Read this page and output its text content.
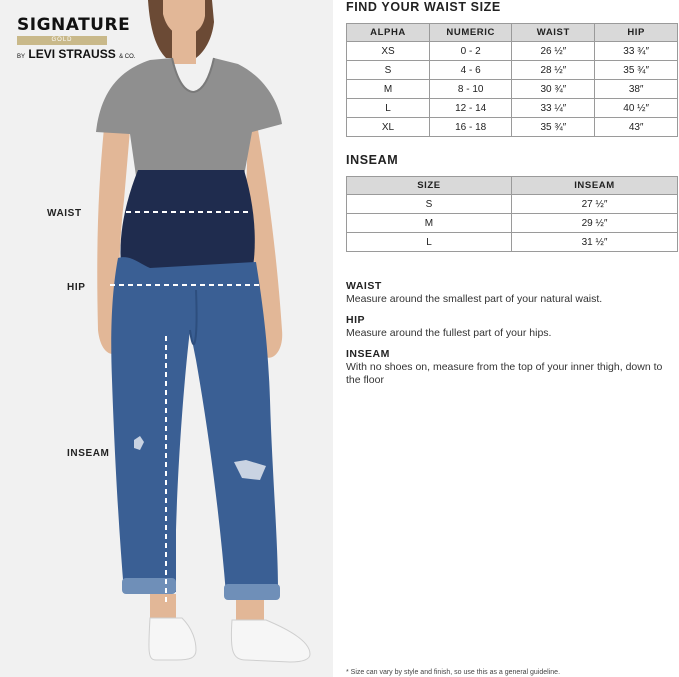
SIGNATURE
GOLD
BY LEVI STRAUSS & CO.
WAIST
HIP
INSEAM
FIND YOUR WAIST SIZE
ALPHA	NUMERIC	WAIST	HIP
XS	0 - 2	26 ½″	33 ¾″
S	4 - 6	28 ½″	35 ¾″
M	8 - 10	30 ¾″	38″
L	12 - 14	33 ¼″	40 ½″
XL	16 - 18	35 ¾″	43″
INSEAM
SIZE	INSEAM
S	27 ½″
M	29 ½″
L	31 ½″
WAIST
Measure around the smallest part of your natural waist.
HIP
Measure around the fullest part of your hips.
INSEAM
With no shoes on, measure from the top of your inner thigh, down to the floor
* Size can vary by style and finish, so use this as a general guideline.
